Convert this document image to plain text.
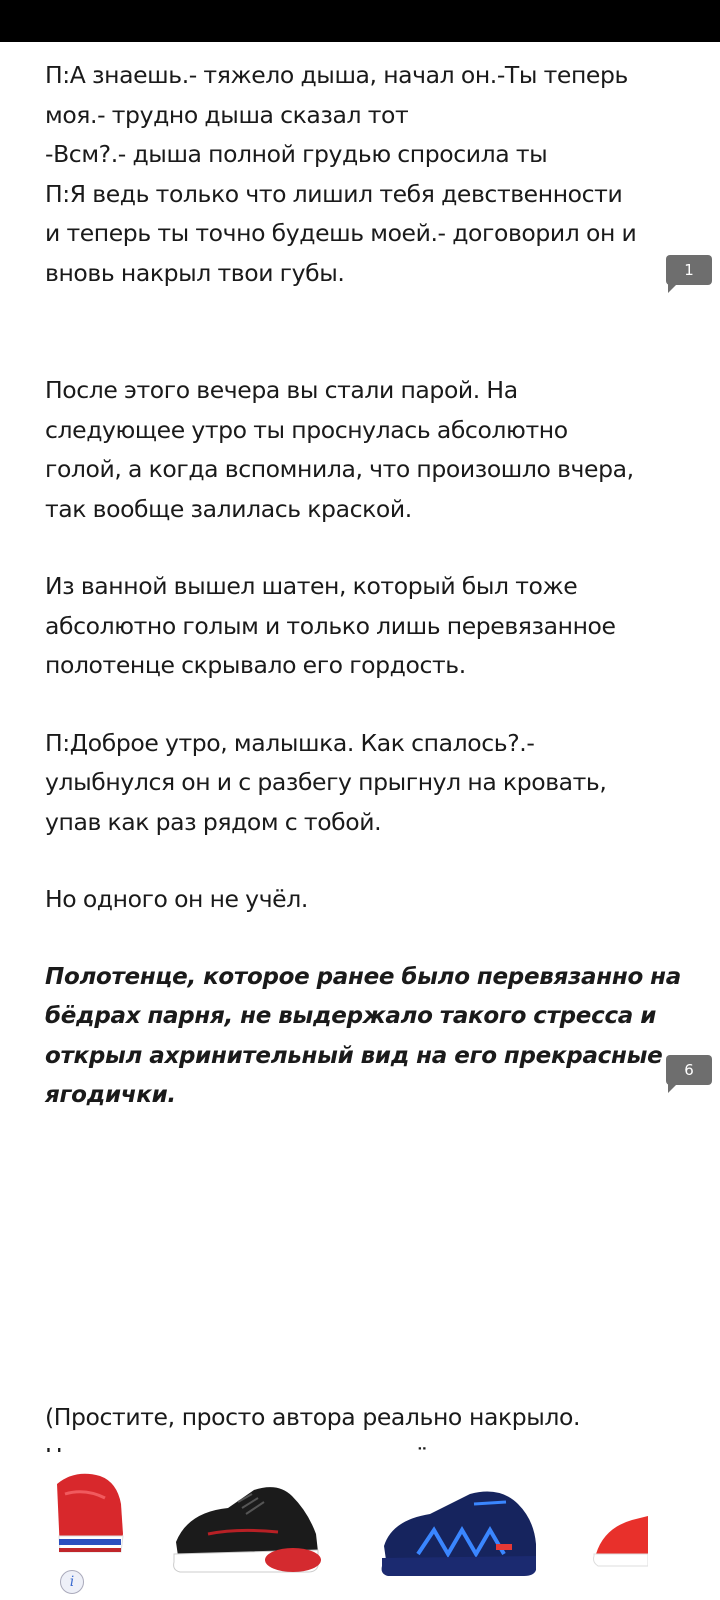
П:А знаешь.- тяжело дыша, начал он.-Ты теперь
моя.- трудно дыша сказал тот
-Всм?.- дыша полной грудью спросила ты
П:Я ведь только что лишил тебя девственности
и теперь ты точно будешь моей.- договорил он и
вновь накрыл твои губы.

После этого вечера вы стали парой. На
следующее утро ты проснулась абсолютно
голой, а когда вспомнила, что произошло вчера,
так вообще залилась краской.

Из ванной вышел шатен, который был тоже
абсолютно голым и только лишь перевязанное
полотенце скрывало его гордость.

П:Доброе утро, малышка. Как спалось?.-
улыбнулся он и с разбегу прыгнул на кровать,
упав как раз рядом с тобой.

Но одного он не учёл.

Полотенце, которое ранее было перевязанно на
бёдрах парня, не выдержало такого стресса и
открыл ахринительный вид на его прекрасные
ягодички.

1
6
(Простите, просто автора реально накрыло.
i
